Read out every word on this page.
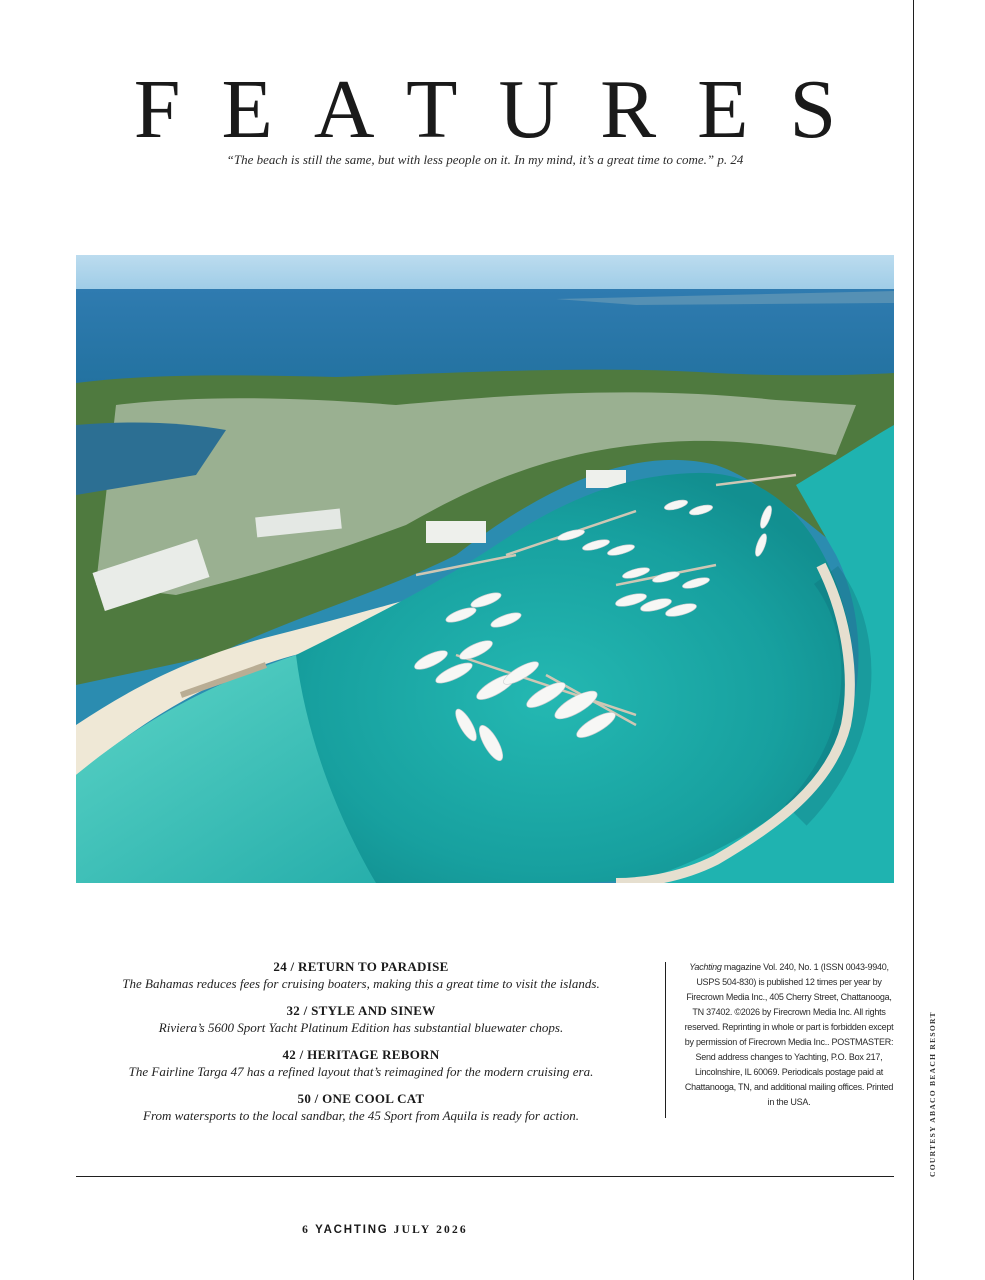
FEATURES

“The beach is still the same, but with less people on it. In my mind, it’s a great time to come.” p. 24

24 / RETURN TO PARADISE
The Bahamas reduces fees for cruising boaters, making this a great time to visit the islands.
32 / STYLE AND SINEW
Riviera’s 5600 Sport Yacht Platinum Edition has substantial bluewater chops.
42 / HERITAGE REBORN
The Fairline Targa 47 has a refined layout that’s reimagined for the modern cruising era.
50 / ONE COOL CAT
From watersports to the local sandbar, the 45 Sport from Aquila is ready for action.

Yachting magazine Vol. 240, No. 1 (ISSN 0043-9940, USPS 504-830) is published 12 times per year by Firecrown Media Inc., 405 Cherry Street, Chattanooga, TN 37402. ©2026 by Firecrown Media Inc. All rights reserved. Reprinting in whole or part is forbidden except by permission of Firecrown Media Inc.. POSTMASTER: Send address changes to Yachting, P.O. Box 217, Lincolnshire, IL 60069. Periodicals postage paid at Chattanooga, TN, and additional mailing offices. Printed in the USA.	COURTESY ABACO BEACH RESORT
6 YACHTING JULY 2026
